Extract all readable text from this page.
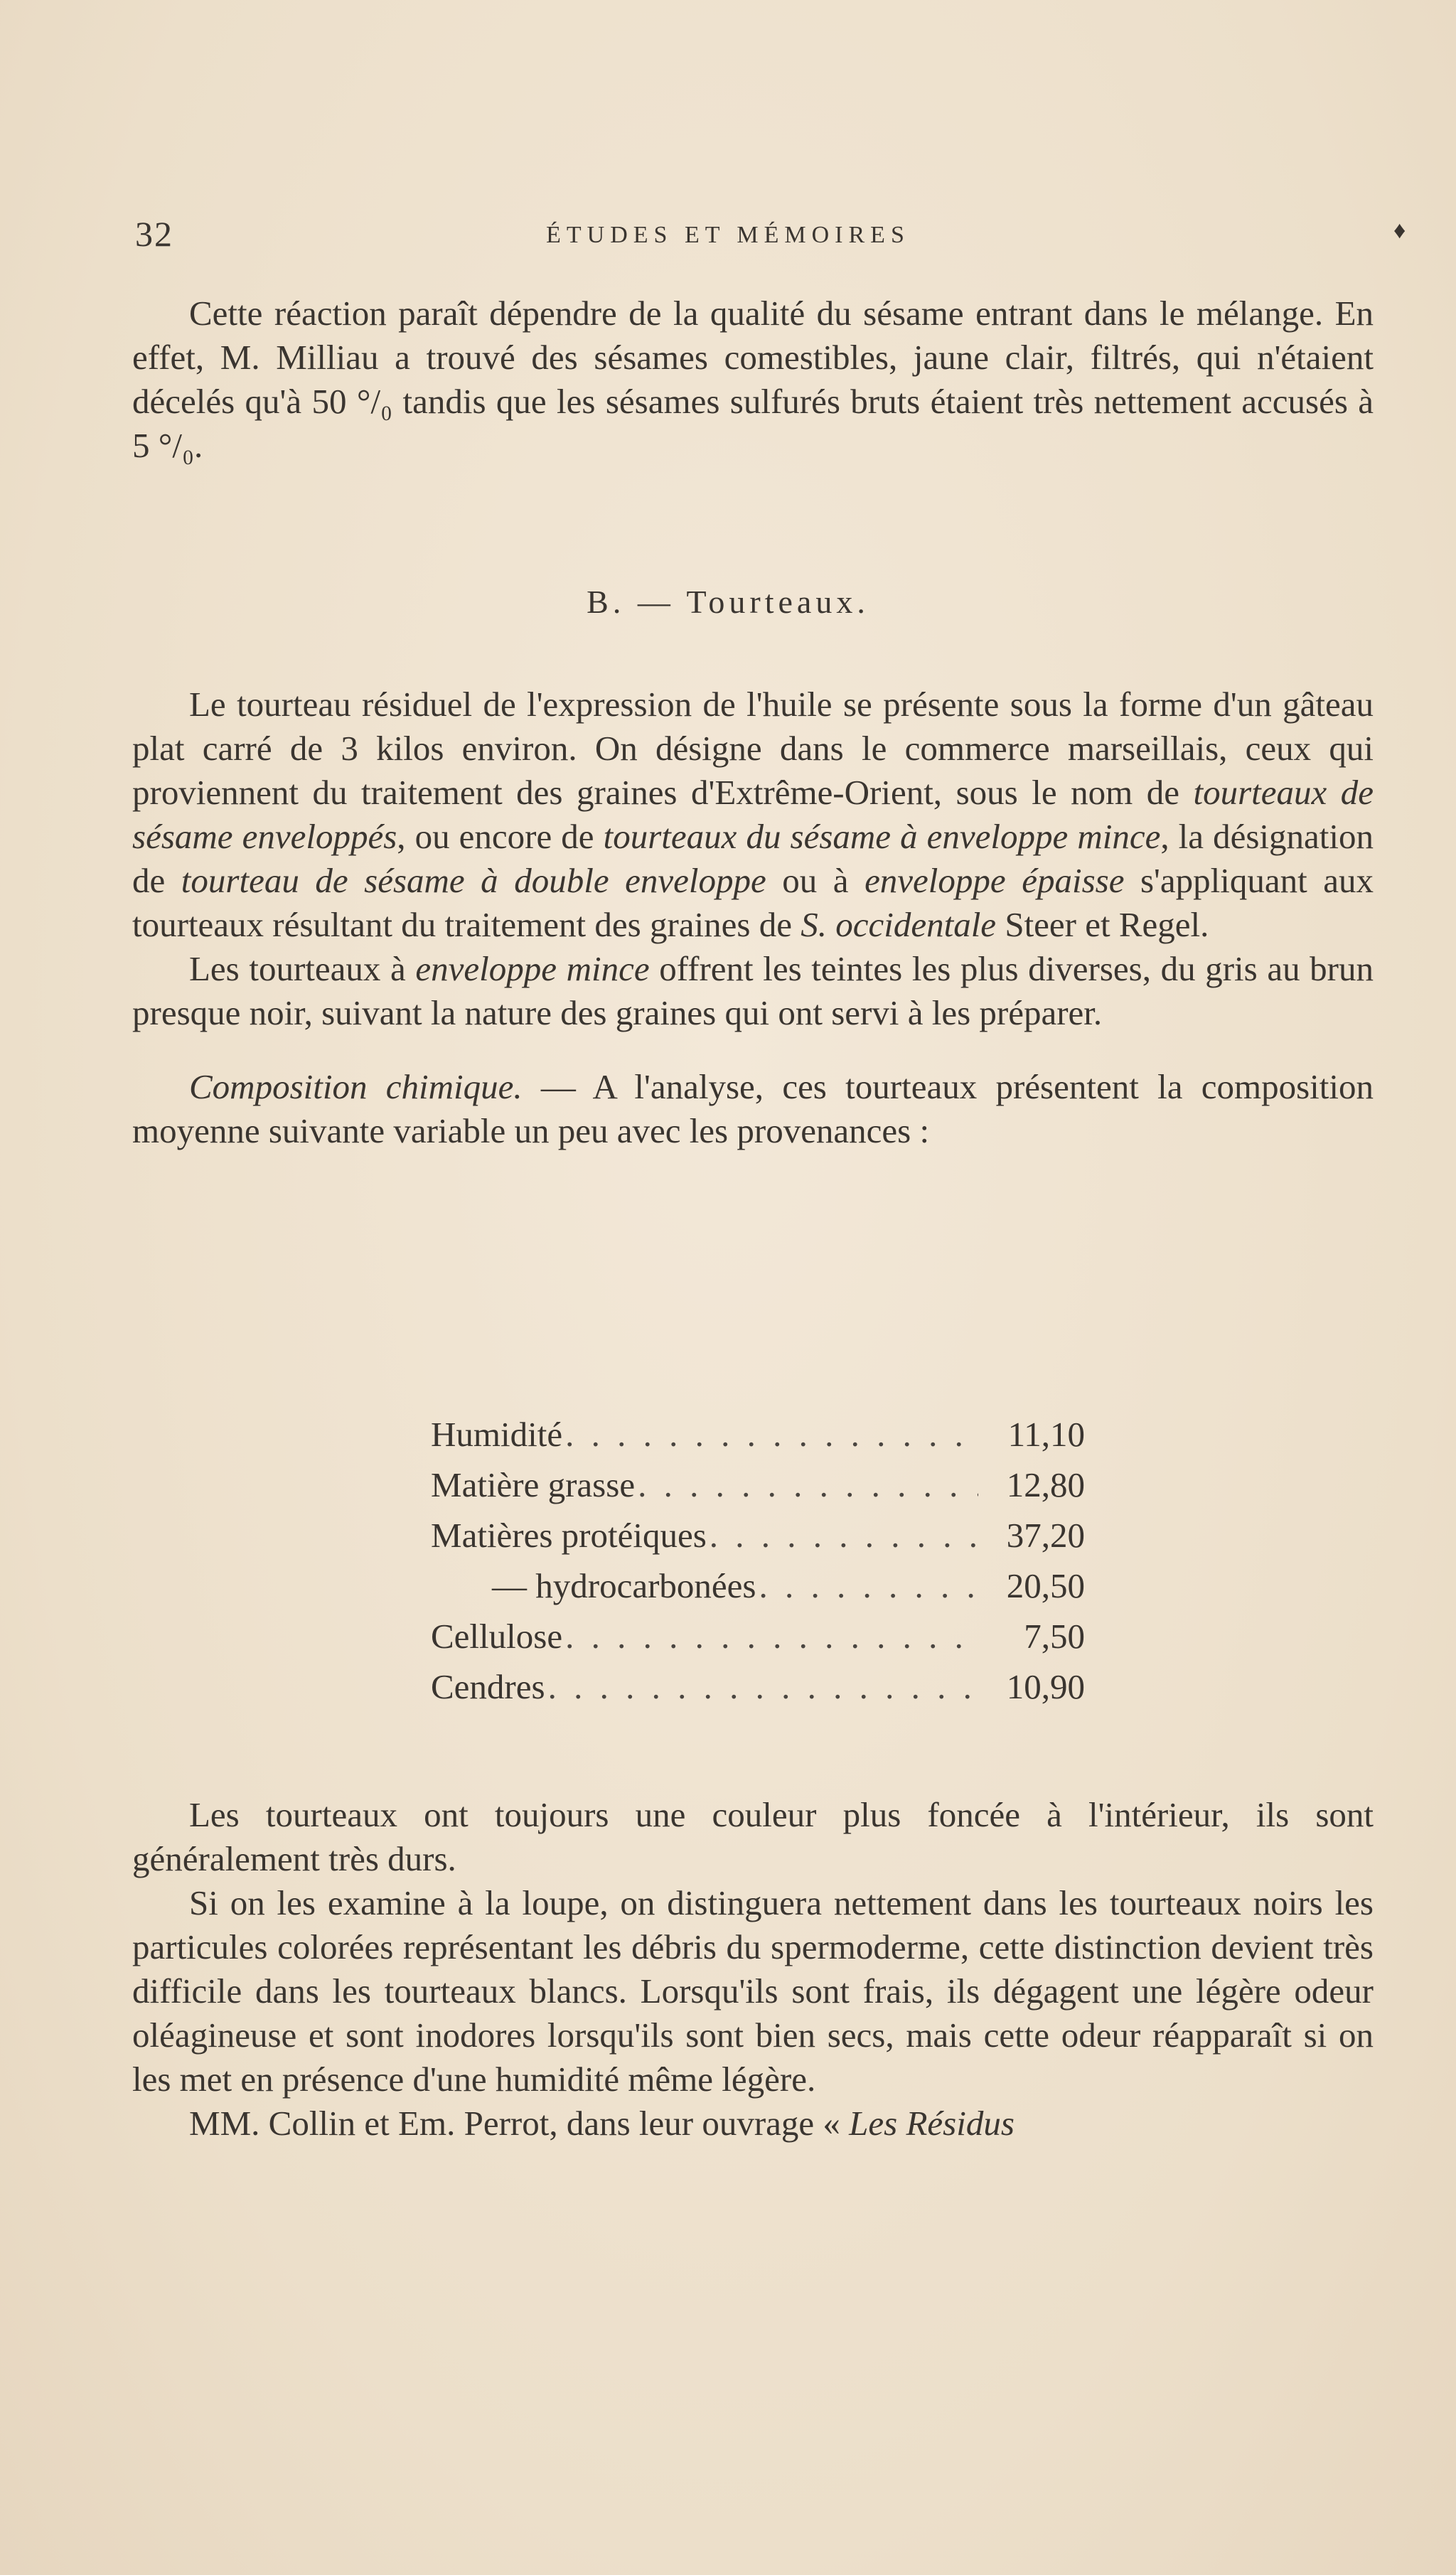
32	ÉTUDES ET MÉMOIRES	♦

Cette réaction paraît dépendre de la qualité du sésame entrant dans le mélange. En effet, M. Milliau a trouvé des sésames comestibles, jaune clair, filtrés, qui n'étaient décelés qu'à 50 °/₀ tandis que les sésames sulfurés bruts étaient très nettement accusés à 5 °/₀.

B. — Tourteaux.

Le tourteau résiduel de l'expression de l'huile se présente sous la forme d'un gâteau plat carré de 3 kilos environ. On désigne dans le commerce marseillais, ceux qui proviennent du traitement des graines d'Extrême-Orient, sous le nom de tourteaux de sésame enveloppés, ou encore de tourteaux du sésame à enveloppe mince, la désignation de tourteau de sésame à double enveloppe ou à enveloppe épaisse s'appliquant aux tourteaux résultant du traitement des graines de S. occidentale Steer et Regel.

Les tourteaux à enveloppe mince offrent les teintes les plus diverses, du gris au brun presque noir, suivant la nature des graines qui ont servi à les préparer.

Composition chimique. — A l'analyse, ces tourteaux présentent la composition moyenne suivante variable un peu avec les provenances :

Humidité . . .	11,10
Matière grasse . . .	12,80
Matières protéiques . . .	37,20
— hydrocarbonées . . .	20,50
Cellulose . . .	7,50
Cendres . . .	10,90

Les tourteaux ont toujours une couleur plus foncée à l'intérieur, ils sont généralement très durs.

Si on les examine à la loupe, on distinguera nettement dans les tourteaux noirs les particules colorées représentant les débris du spermoderme, cette distinction devient très difficile dans les tourteaux blancs. Lorsqu'ils sont frais, ils dégagent une légère odeur oléagineuse et sont inodores lorsqu'ils sont bien secs, mais cette odeur réapparaît si on les met en présence d'une humidité même légère.

MM. Collin et Em. Perrot, dans leur ouvrage « Les Résidus
